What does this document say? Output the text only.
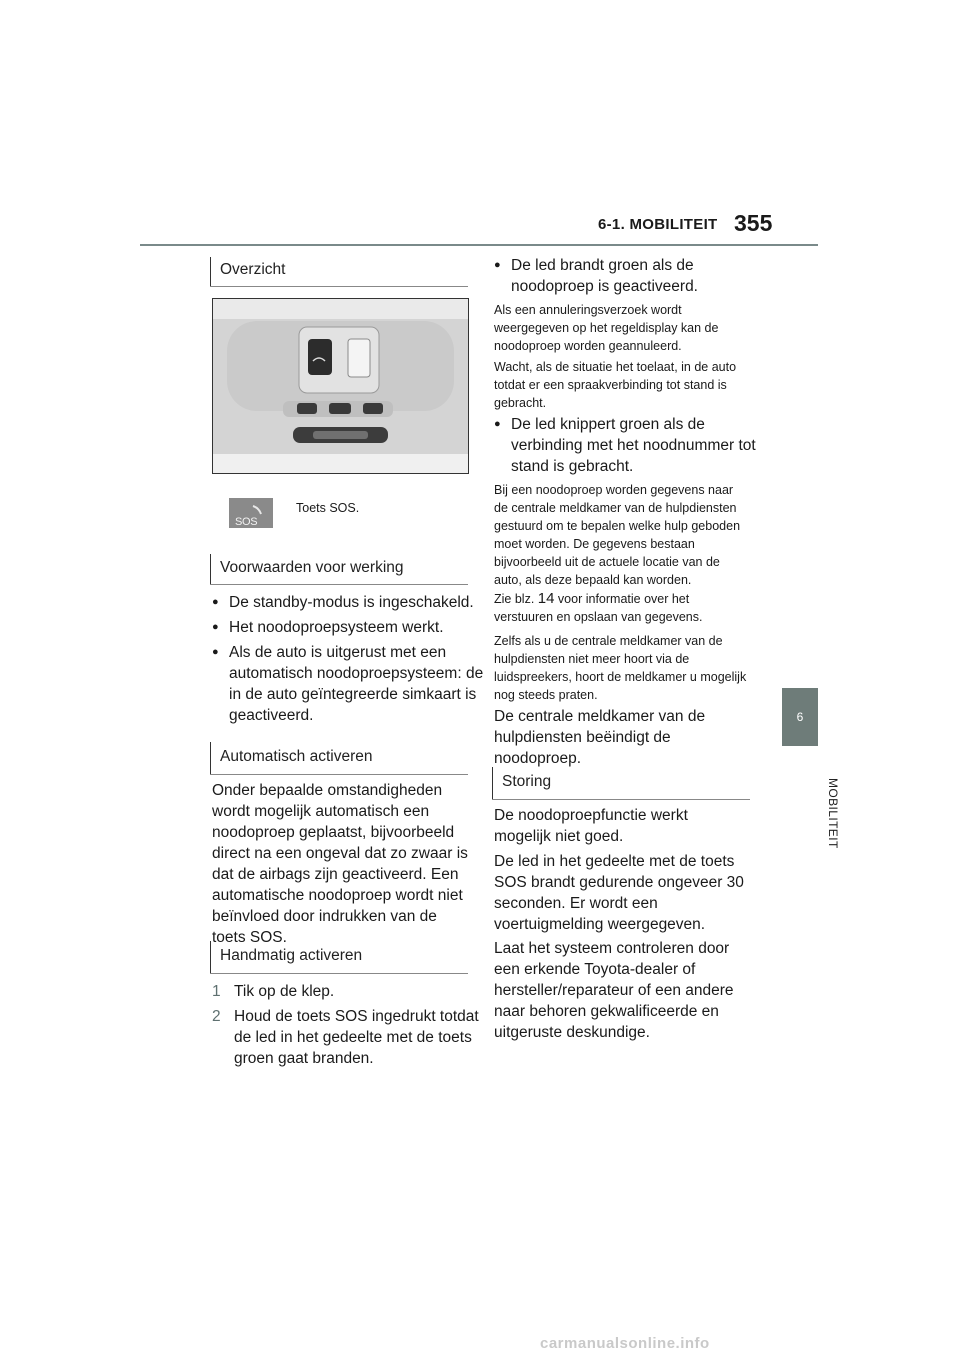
6-1. MOBILITEIT 355
6
MOBILITEIT
Overzicht
SOS
Toets SOS.
Voorwaarden voor werking
● De standby-modus is ingeschakeld.
● Het noodoproepsysteem werkt.
● Als de auto is uitgerust met een automatisch noodoproepsysteem: de in de auto geïntegreerde simkaart is geactiveerd.
Automatisch activeren
Onder bepaalde omstandigheden wordt mogelijk automatisch een noodoproep geplaatst, bijvoorbeeld direct na een ongeval dat zo zwaar is dat de airbags zijn geactiveerd. Een automatische noodoproep wordt niet beïnvloed door indrukken van de toets SOS.
Handmatig activeren
1 Tik op de klep.
2 Houd de toets SOS ingedrukt totdat de led in het gedeelte met de toets groen gaat branden.
● De led brandt groen als de noodoproep is geactiveerd.
Als een annuleringsverzoek wordt weergegeven op het regeldisplay kan de noodoproep worden geannuleerd.
Wacht, als de situatie het toelaat, in de auto totdat er een spraakverbinding tot stand is gebracht.
● De led knippert groen als de verbinding met het noodnummer tot stand is gebracht.
Bij een noodoproep worden gegevens naar de centrale meldkamer van de hulpdiensten gestuurd om te bepalen welke hulp geboden moet worden. De gegevens bestaan bijvoorbeeld uit de actuele locatie van de auto, als deze bepaald kan worden.
Zie blz. 14 voor informatie over het verstuuren en opslaan van gegevens.
Zelfs als u de centrale meldkamer van de hulpdiensten niet meer hoort via de luidspreekers, hoort de meldkamer u mogelijk nog steeds praten.
De centrale meldkamer van de hulpdiensten beëindigt de noodoproep.
Storing
De noodoproepfunctie werkt mogelijk niet goed.
De led in het gedeelte met de toets SOS brandt gedurende ongeveer 30 seconden. Er wordt een voertuigmelding weergegeven.
Laat het systeem controleren door een erkende Toyota-dealer of hersteller/reparateur of een andere naar behoren gekwalificeerde en uitgeruste deskundige.
carmanualsonline.info
